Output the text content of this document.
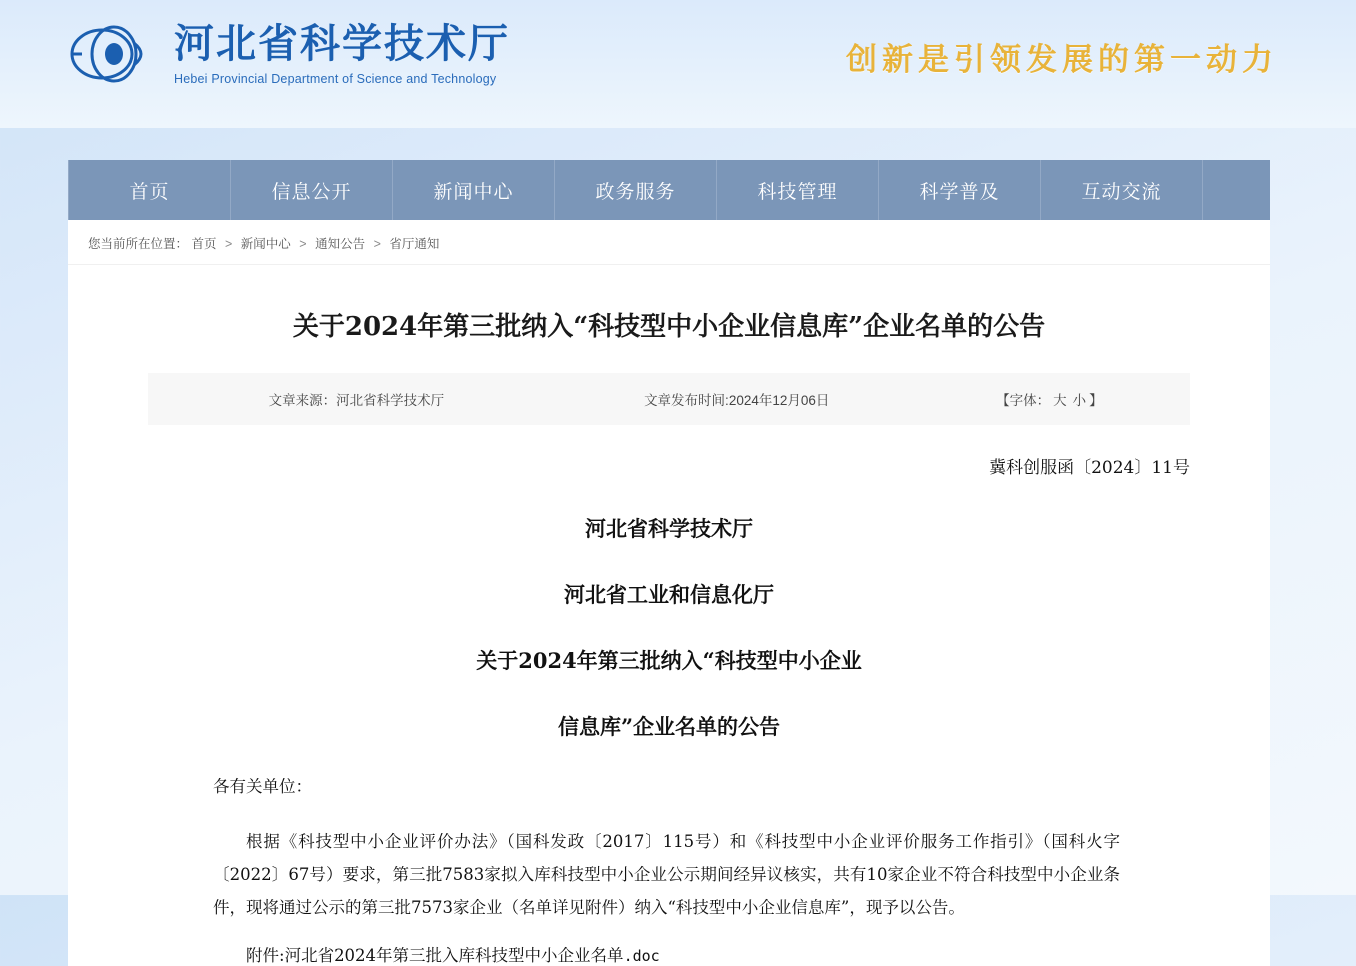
河北省科学技术厅
Hebei Provincial Department of Science and Technology
创新是引领发展的第一动力
首页	信息公开	新闻中心	政务服务	科技管理	科学普及	互动交流
您当前所在位置： 首页 > 新闻中心 > 通知公告 > 省厅通知
关于2024年第三批纳入“科技型中小企业信息库”企业名单的公告
文章来源：河北省科学技术厅	文章发布时间:2024年12月06日	【字体： 大 小 】
冀科创服函〔2024〕11号
河北省科学技术厅
河北省工业和信息化厅
关于2024年第三批纳入“科技型中小企业
信息库”企业名单的公告
各有关单位：
根据《科技型中小企业评价办法》（国科发政〔2017〕115号）和《科技型中小企业评价服务工作指引》（国科火字〔2022〕67号）要求，第三批7583家拟入库科技型中小企业公示期间经异议核实，共有10家企业不符合科技型中小企业条件，现将通过公示的第三批7573家企业（名单详见附件）纳入“科技型中小企业信息库”，现予以公告。
附件:河北省2024年第三批入库科技型中小企业名单.doc
